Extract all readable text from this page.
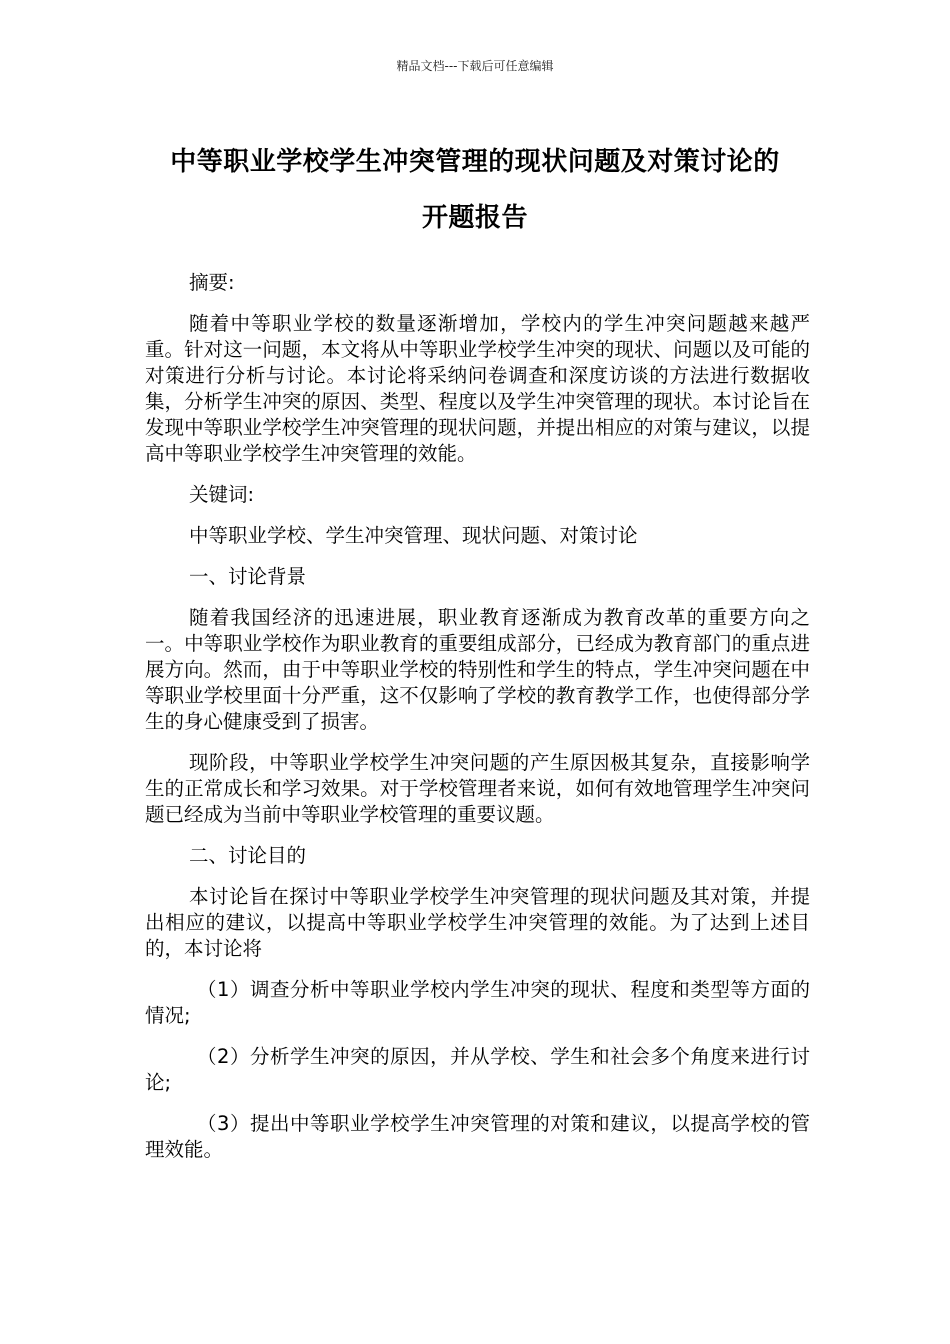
精品文档---下载后可任意编辑
中等职业学校学生冲突管理的现状问题及对策讨论的
开题报告

摘要:

随着中等职业学校的数量逐渐增加，学校内的学生冲突问题越来越严重。针对这一问题，本文将从中等职业学校学生冲突的现状、问题以及可能的对策进行分析与讨论。本讨论将采纳问卷调查和深度访谈的方法进行数据收集，分析学生冲突的原因、类型、程度以及学生冲突管理的现状。本讨论旨在发现中等职业学校学生冲突管理的现状问题，并提出相应的对策与建议，以提高中等职业学校学生冲突管理的效能。

关键词:

中等职业学校、学生冲突管理、现状问题、对策讨论

一、讨论背景

随着我国经济的迅速进展，职业教育逐渐成为教育改革的重要方向之一。中等职业学校作为职业教育的重要组成部分，已经成为教育部门的重点进展方向。然而，由于中等职业学校的特别性和学生的特点，学生冲突问题在中等职业学校里面十分严重，这不仅影响了学校的教育教学工作，也使得部分学生的身心健康受到了损害。

现阶段，中等职业学校学生冲突问题的产生原因极其复杂，直接影响学生的正常成长和学习效果。对于学校管理者来说，如何有效地管理学生冲突问题已经成为当前中等职业学校管理的重要议题。

二、讨论目的

本讨论旨在探讨中等职业学校学生冲突管理的现状问题及其对策，并提出相应的建议，以提高中等职业学校学生冲突管理的效能。为了达到上述目的，本讨论将

（1）调查分析中等职业学校内学生冲突的现状、程度和类型等方面的情况;

（2）分析学生冲突的原因，并从学校、学生和社会多个角度来进行讨论;

（3）提出中等职业学校学生冲突管理的对策和建议，以提高学校的管理效能。
